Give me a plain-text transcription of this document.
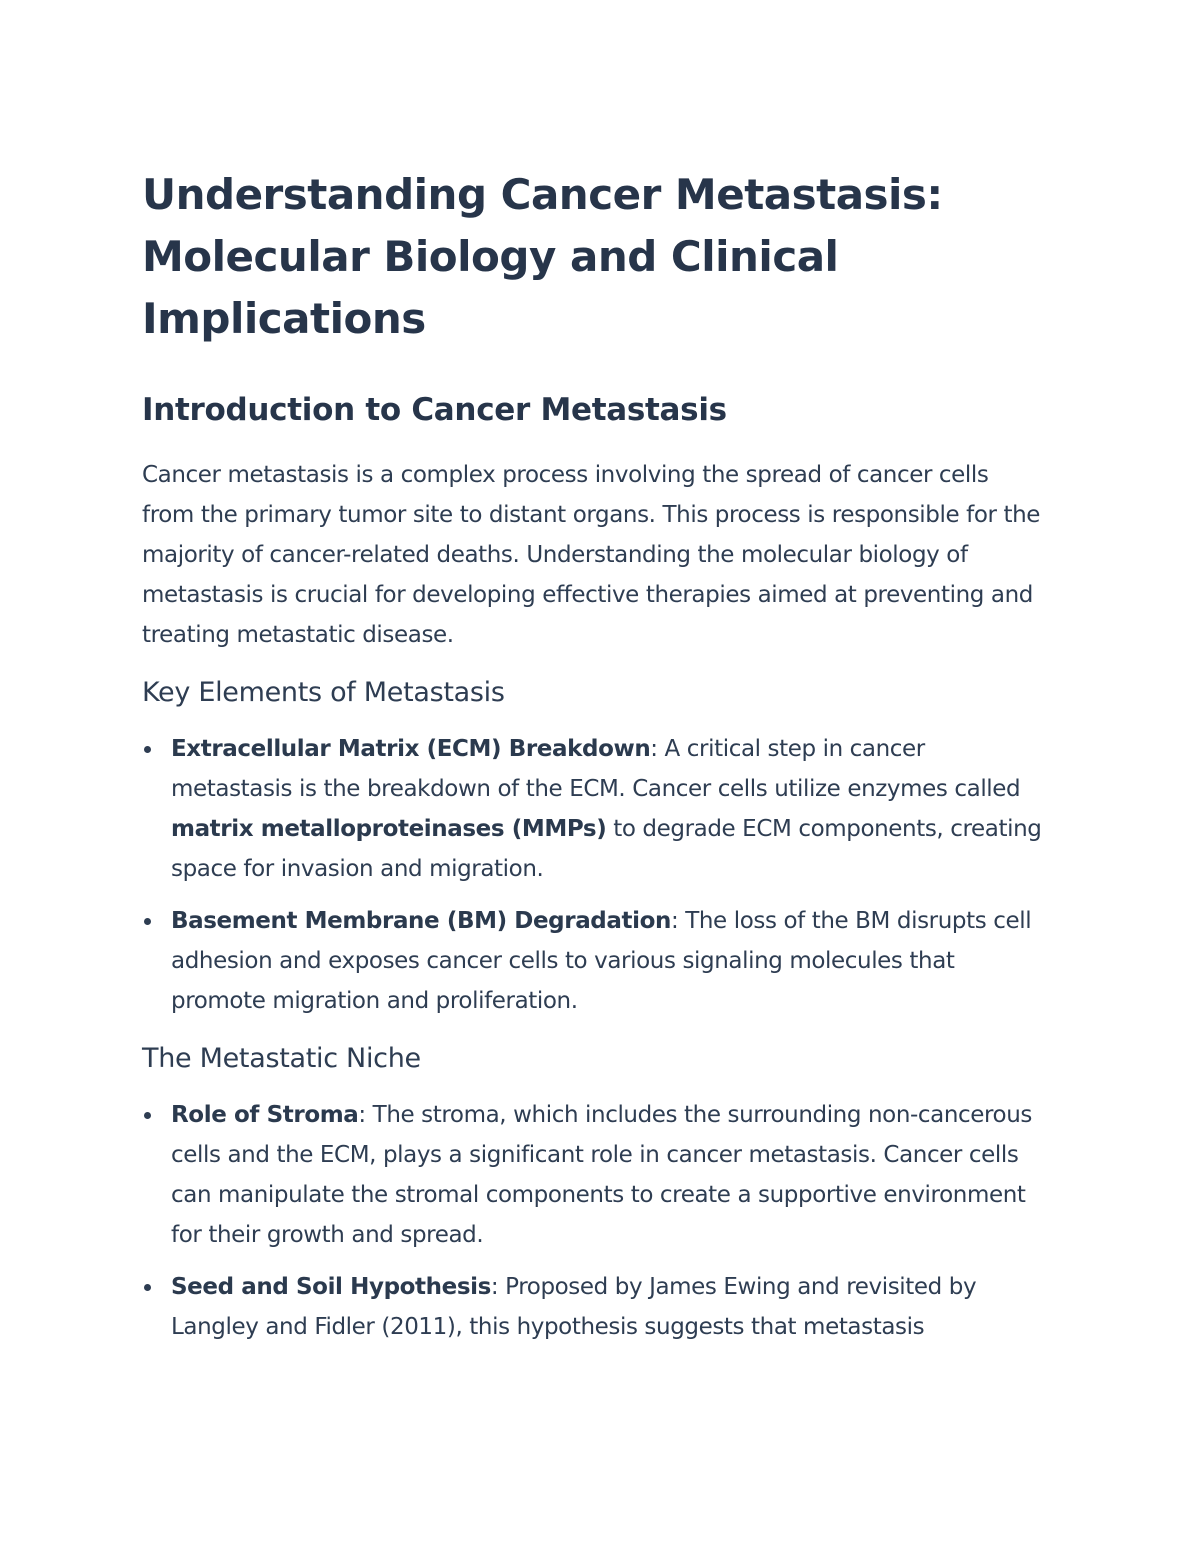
Understanding Cancer Metastasis: Molecular Biology and Clinical Implications
Introduction to Cancer Metastasis

Cancer metastasis is a complex process involving the spread of cancer cells from the primary tumor site to distant organs. This process is responsible for the majority of cancer-related deaths. Understanding the molecular biology of metastasis is crucial for developing effective therapies aimed at preventing and treating metastatic disease.

Key Elements of Metastasis
Extracellular Matrix (ECM) Breakdown: A critical step in cancer metastasis is the breakdown of the ECM. Cancer cells utilize enzymes called matrix metalloproteinases (MMPs) to degrade ECM components, creating space for invasion and migration.
Basement Membrane (BM) Degradation: The loss of the BM disrupts cell adhesion and exposes cancer cells to various signaling molecules that promote migration and proliferation.
The Metastatic Niche
Role of Stroma: The stroma, which includes the surrounding non-cancerous cells and the ECM, plays a significant role in cancer metastasis. Cancer cells can manipulate the stromal components to create a supportive environment for their growth and spread.
Seed and Soil Hypothesis: Proposed by James Ewing and revisited by Langley and Fidler (2011), this hypothesis suggests that metastasis
